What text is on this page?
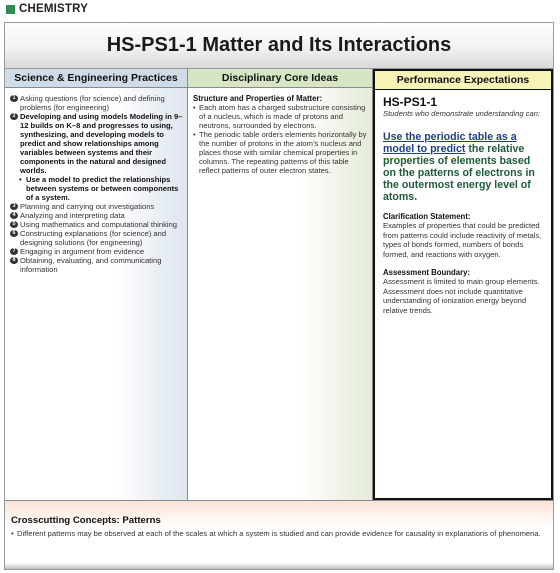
CHEMISTRY
HS-PS1-1 Matter and Its Interactions
Science & Engineering Practices
1 Asking questions (for science) and defining problems (for engineering)
2 Developing and using models Modeling in 9–12 builds on K–8 and progresses to using, synthesizing, and developing models to predict and show relationships among variables between systems and their components in the natural and designed worlds.
• Use a model to predict the relationships between systems or between components of a system.
3 Planning and carrying out investigations
4 Analyzing and interpreting data
5 Using mathematics and computational thinking
6 Constructing explanations (for science) and designing solutions (for engineering)
7 Engaging in argument from evidence
8 Obtaining, evaluating, and communicating information
Disciplinary Core Ideas
Structure and Properties of Matter:
• Each atom has a charged substructure consisting of a nucleus, which is made of protons and neutrons, surrounded by electrons.
• The periodic table orders elements horizontally by the number of protons in the atom’s nucleus and places those with similar chemical properties in columns. The repeating patterns of this table reflect patterns of outer electron states.
Performance Expectations
HS-PS1-1
Students who demonstrate understanding can:
Use the periodic table as a model to predict the relative properties of elements based on the patterns of electrons in the outermost energy level of atoms.
Clarification Statement:
Examples of properties that could be predicted from patterns could include reactivity of metals, types of bonds formed, numbers of bonds formed, and reactions with oxygen.
Assessment Boundary:
Assessment is limited to main group elements. Assessment does not include quantitative understanding of ionization energy beyond relative trends.
Crosscutting Concepts: Patterns
• Different patterns may be observed at each of the scales at which a system is studied and can provide evidence for causality in explanations of phenomena.
